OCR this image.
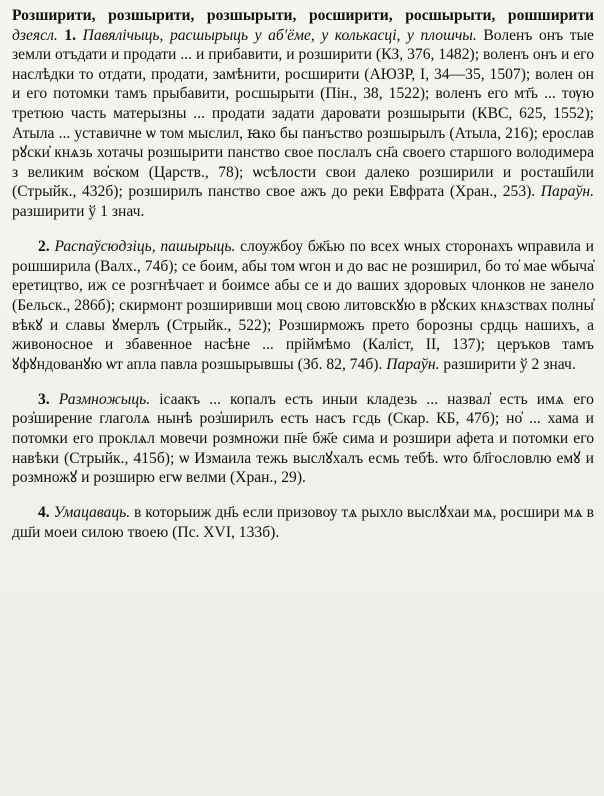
Розширити, розшырити, розшырыти, росширити, росшырыти, рошширити дзеясл. 1. Павялічыць, расшырыць у аб'ёме, у колькасці, у плошчы. Воленъ онъ тые земли отъдати и продати ... и прибавити, и розширити (КЗ, 376, 1482); воленъ онъ и его наслѣдки то отдати, продати, замѣнити, росширити (АЮЗР, I, 34—35, 1507); волен он и его потомки тамъ прыбавити, росшырыти (Пін., 38, 1522); воленъ его мт҃ь ... тѹю третюю часть матерызны ... продати задати даровати розшырыти (КВС, 625, 1552); Атыла ... уставичне ѡ том мыслил, ꙗко бы панъство розшырылъ (Атыла, 216); ерослав рꙋски҆ кнѧзь хотачы розшырити панство свое послалъ сн҃а своего старшого володимера з великим во҆ском (Царств., 78); ѡсѣлости свои далеко розширили и росташ҃или (Стрыйк., 432б); розширилъ панство свое ажъ до реки Евфрата (Хран., 253). Параўн. разширити ў 1 знач.

2. Распаўсюдзіць, пашырыць. слоужбоу бж҃ью по всех ѡных сторонахъ ѡправила и рошширила (Валх., 74б); се боим, абы том ѡгон и до вас не розширил, бо то҆ мае ѡбыча҆ еретицтво, иж се розгнѣчает и боимсе абы се и до ваших здоровых члонков не занело (Бельск., 286б); скирмонт розширивши моц свою литовскꙋю в рꙋских кнѧзствах полны҆ вѣкꙋ и славы ꙋмерлъ (Стрыйк., 522); Розширможъ прето борозны срдць нашихъ, а живоносное и збавенное насѣне ... пріймѣмо (Каліст, II, 137); церъков тамъ ꙋфꙋндованꙋю ѡт апла павла розшырывшы (Зб. 82, 74б). Параўн. разширити ў 2 знач.

3. Размножыць. ісаакъ ... копалъ есть иныи кладезь ... назвал҆ есть имѧ его роз҆ширение глаголѧ нынѣ роз҆ширилъ есть насъ гсдь (Скар. КБ, 47б); но҆ ... хама и потомки его проклѧл мовечи розмножи пн҃е бж҃е сима и розшири афета и потомки его навѣки (Стрыйк., 415б); ѡ Измаила тежь выслꙋхалъ есмь тебѣ. ѡто бл҃гословлю емꙋ и розмножꙋ и розширю егѡ велми (Хран., 29).

4. Умацаваць. в которыиж дн҃ь если призовоу тѧ рыхло выслꙋхаи мѧ, росшири мѧ в дш҃и моеи силою твоею (Пс. XVI, 133б).
